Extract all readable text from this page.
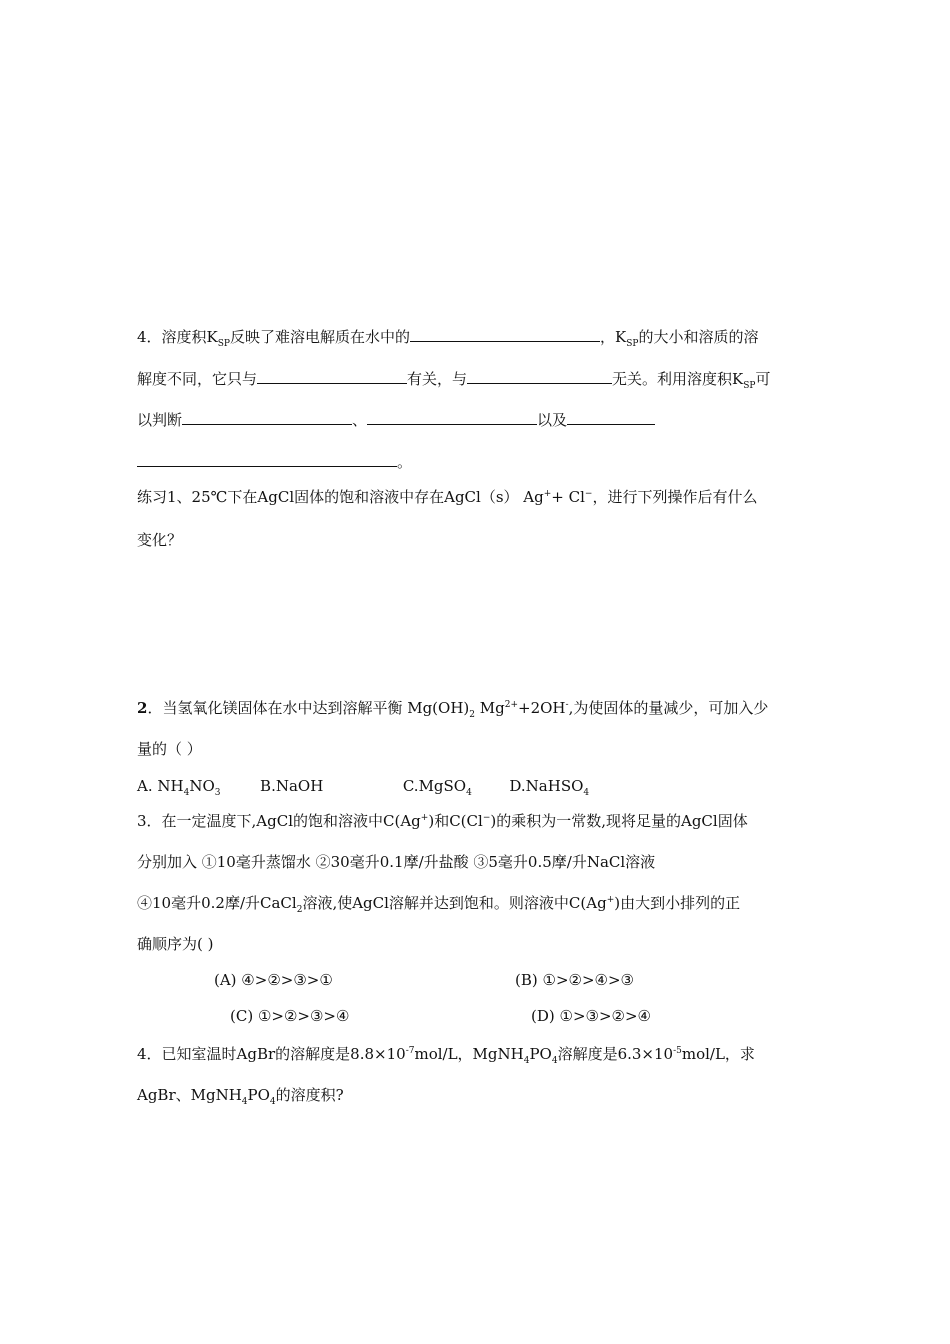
4．溶度积$K_{SP}$反映了难溶电解质在水中的	，$K_{SP}$的大小和溶质的溶
解度不同，它只与	有关，与	无关。利用溶度积$K_{SP}$可
以判断	、	以及
。
练习1、25℃下在AgCl固体的饱和溶液中存在AgCl（s） Ag++ Cl−，进行下列操作后有什么
变化？
2．当氢氧化镁固体在水中达到溶解平衡 $Mg(OH)_2$ $Mg^{2+}+2OH^-$,为使固体的量减少，可加入少
量的（ ）
A. $NH_4NO_3$	B.NaOH	C.MgSO$_4$	D.NaHSO$_4$
3．在一定温度下,AgCl的饱和溶液中C(Ag+)和C(Cl−)的乘积为一常数,现将足量的AgCl固体
分别加入 ①10毫升蒸馏水 ②30毫升0.1摩/升盐酸 ③5毫升0.5摩/升NaCl溶液
④10毫升0.2摩/升CaCl$_2$溶液,使AgCl溶解并达到饱和。则溶液中C(Ag+)由大到小排列的正
确顺序为( )
(A) ④>②>③>①	(B) ①>②>④>③
(C) ①>②>③>④	(D) ①>③>②>④
4．已知室温时AgBr的溶解度是$8.8\times 10^{-7}mol/L$，$MgNH_4PO_4$溶解度是$6.3\times 10^{-5}mol/L$，求
AgBr、$MgNH_4PO_4$的溶度积?
